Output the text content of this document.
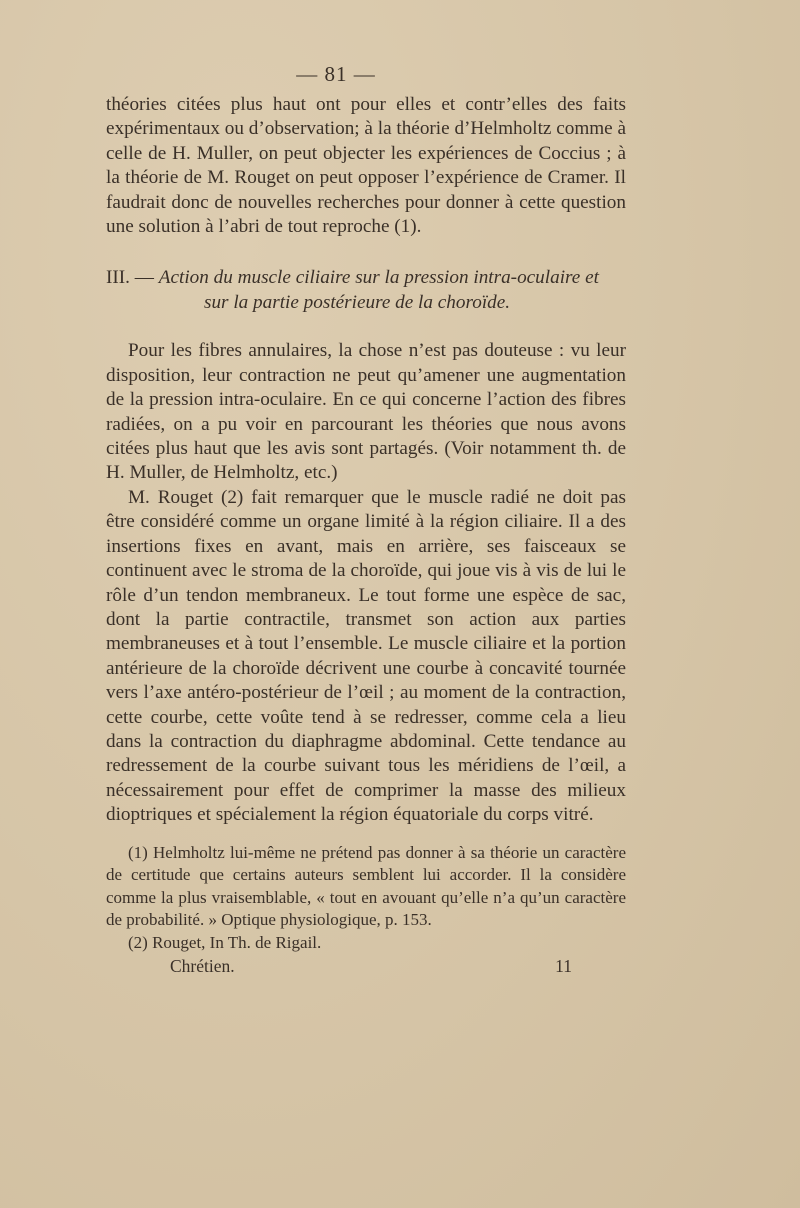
— 81 —

théories citées plus haut ont pour elles et contr’elles des faits expérimentaux ou d’observation; à la théorie d’Helmholtz comme à celle de H. Muller, on peut objecter les expériences de Coccius ; à la théorie de M. Rouget on peut opposer l’expérience de Cramer. Il faudrait donc de nouvelles recherches pour donner à cette question une solution à l’abri de tout reproche (1).

III. — Action du muscle ciliaire sur la pression intra-oculaire et
sur la partie postérieure de la choroïde.

Pour les fibres annulaires, la chose n’est pas douteuse : vu leur disposition, leur contraction ne peut qu’amener une augmentation de la pression intra-oculaire. En ce qui concerne l’action des fibres radiées, on a pu voir en parcourant les théories que nous avons citées plus haut que les avis sont partagés. (Voir notamment th. de H. Muller, de Helmholtz, etc.)

M. Rouget (2) fait remarquer que le muscle radié ne doit pas être considéré comme un organe limité à la région ciliaire. Il a des insertions fixes en avant, mais en arrière, ses faisceaux se continuent avec le stroma de la choroïde, qui joue vis à vis de lui le rôle d’un tendon membraneux. Le tout forme une espèce de sac, dont la partie contractile, transmet son action aux parties membraneuses et à tout l’ensemble. Le muscle ciliaire et la portion antérieure de la choroïde décrivent une courbe à concavité tournée vers l’axe antéro-postérieur de l’œil ; au moment de la contraction, cette courbe, cette voûte tend à se redresser, comme cela a lieu dans la contraction du diaphragme abdominal. Cette tendance au redressement de la courbe suivant tous les méridiens de l’œil, a nécessairement pour effet de comprimer la masse des milieux dioptriques et spécialement la région équatoriale du corps vitré.

(1) Helmholtz lui-même ne prétend pas donner à sa théorie un caractère de certitude que certains auteurs semblent lui accorder. Il la considère comme la plus vraisemblable, « tout en avouant qu’elle n’a qu’un caractère de probabilité. » Optique physiologique, p. 153.

(2) Rouget, In Th. de Rigail.

Chrétien.	11
